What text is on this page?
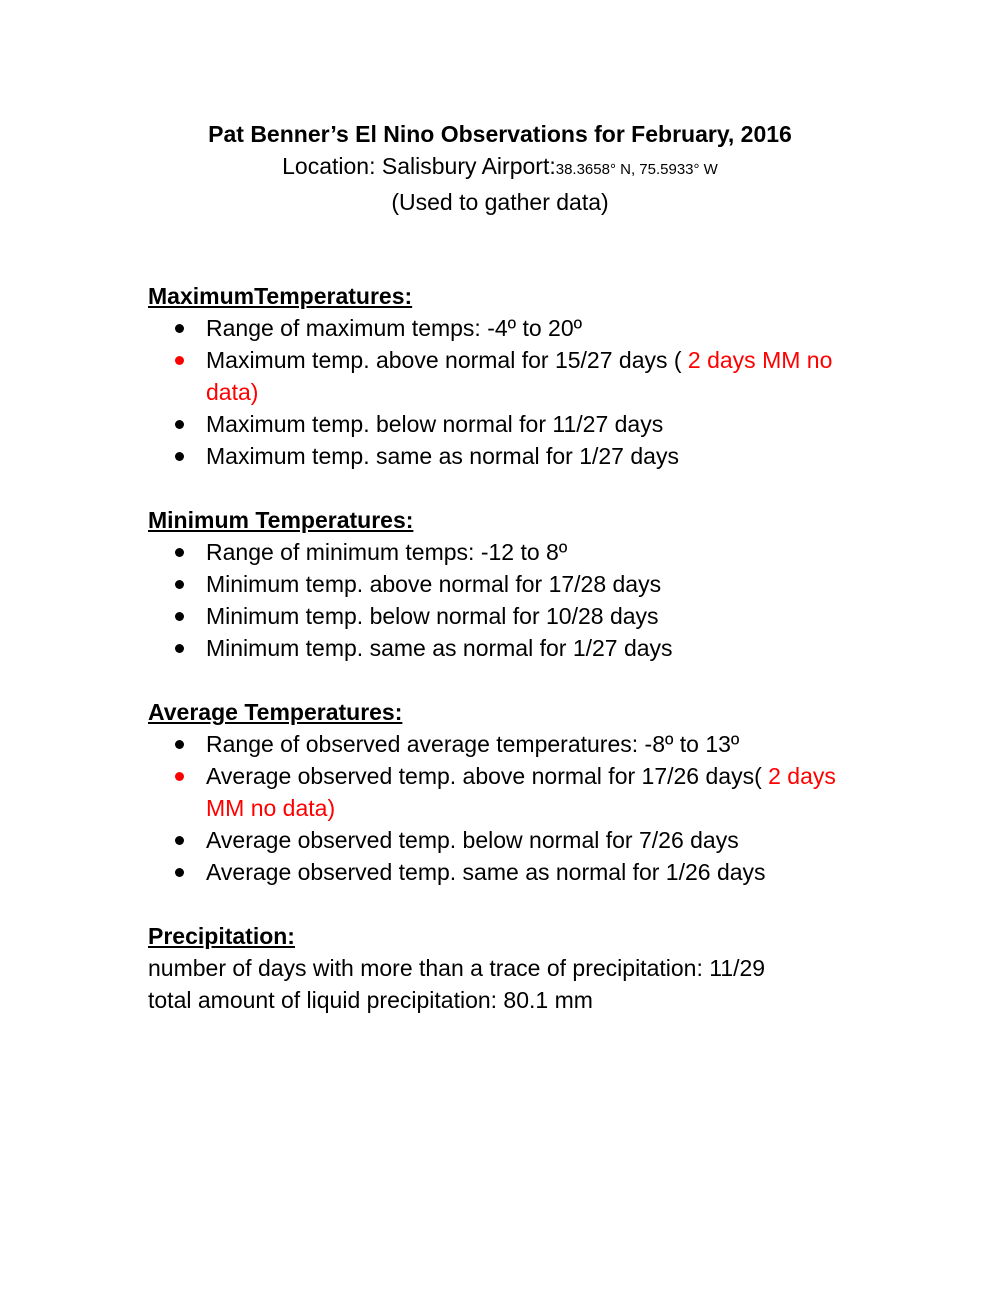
Pat Benner’s El Nino Observations for February, 2016
Location: Salisbury Airport:38.3658° N, 75.5933° W
(Used to gather data)
MaximumTemperatures:
Range of maximum temps: -4º to 20º
Maximum temp. above normal for 15/27 days ( 2 days MM no data)
Maximum temp. below normal for 11/27 days
Maximum temp. same as normal for 1/27 days
Minimum Temperatures:
Range of minimum temps: -12 to 8º
Minimum temp. above normal for 17/28 days
Minimum temp. below normal for 10/28 days
Minimum temp. same as normal for 1/27 days
Average Temperatures:
Range of observed average temperatures: -8º to 13º
Average observed temp. above normal for 17/26 days( 2 days MM no data)
Average observed temp. below normal for 7/26 days
Average observed temp. same as normal for 1/26 days
Precipitation:
number of days with more than a trace of precipitation: 11/29
total amount of liquid precipitation: 80.1 mm
